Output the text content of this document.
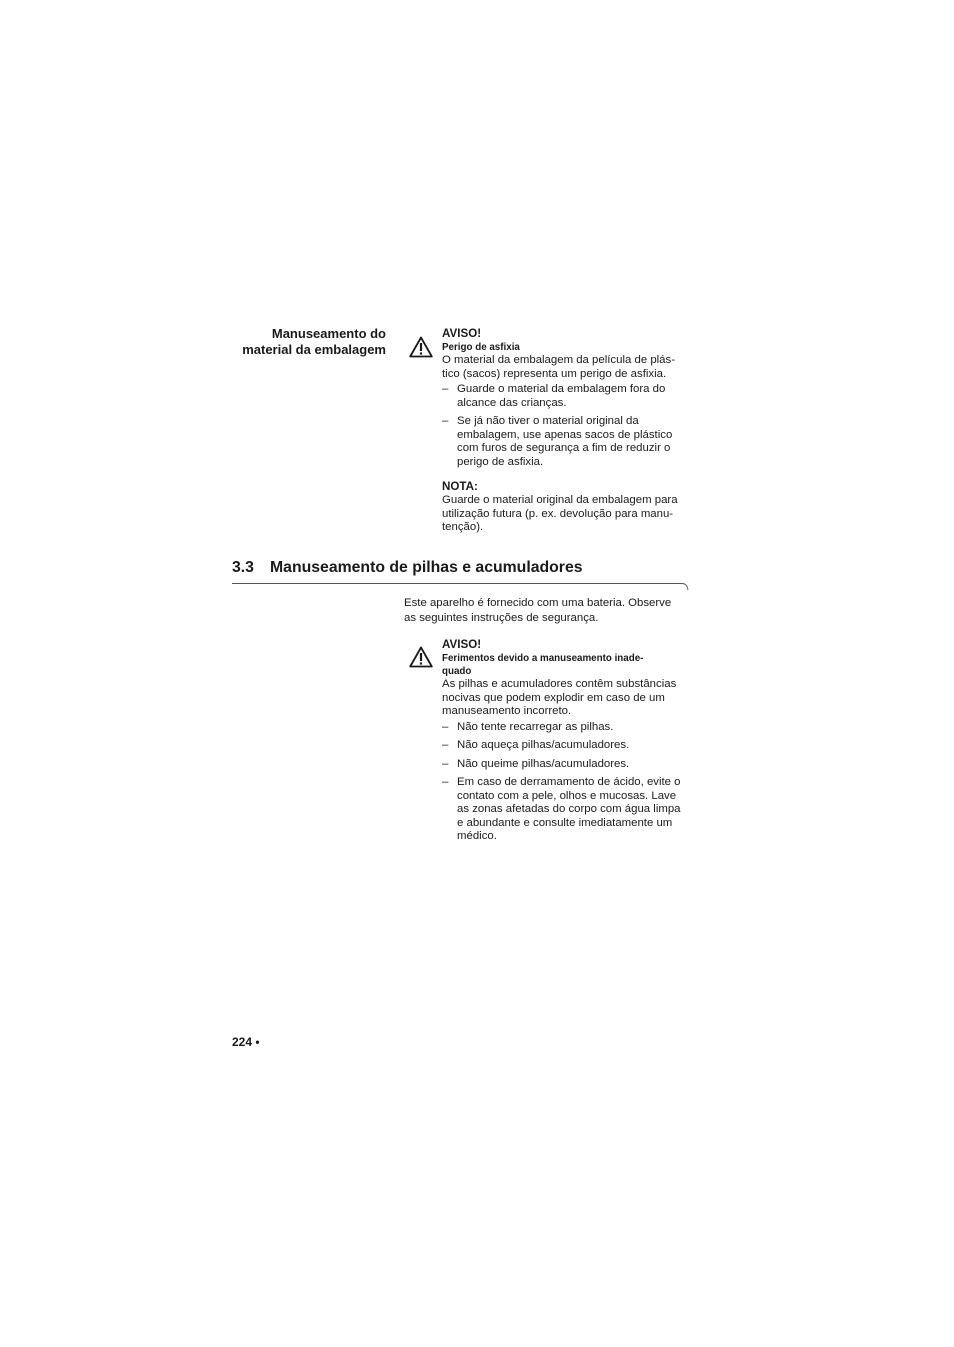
Manuseamento do
material da embalagem
AVISO!
Perigo de asfixia

O material da embalagem da película de plás-
tico (sacos) representa um perigo de asfixia.

– Guarde o material da embalagem fora do
alcance das crianças.
– Se já não tiver o material original da
embalagem, use apenas sacos de plástico
com furos de segurança a fim de reduzir o
perigo de asfixia.
NOTA:

Guarde o material original da embalagem para
utilização futura (p. ex. devolução para manu-
tenção).

3.3 Manuseamento de pilhas e acumuladores

Este aparelho é fornecido com uma bateria. Observe
as seguintes instruções de segurança.

AVISO!
Ferimentos devido a manuseamento inade-
quado

As pilhas e acumuladores contêm substâncias
nocivas que podem explodir em caso de um
manuseamento incorreto.

– Não tente recarregar as pilhas.
– Não aqueça pilhas/acumuladores.
– Não queime pilhas/acumuladores.
– Em caso de derramamento de ácido, evite o
contato com a pele, olhos e mucosas. Lave
as zonas afetadas do corpo com água limpa
e abundante e consulte imediatamente um
médico.
224 •
